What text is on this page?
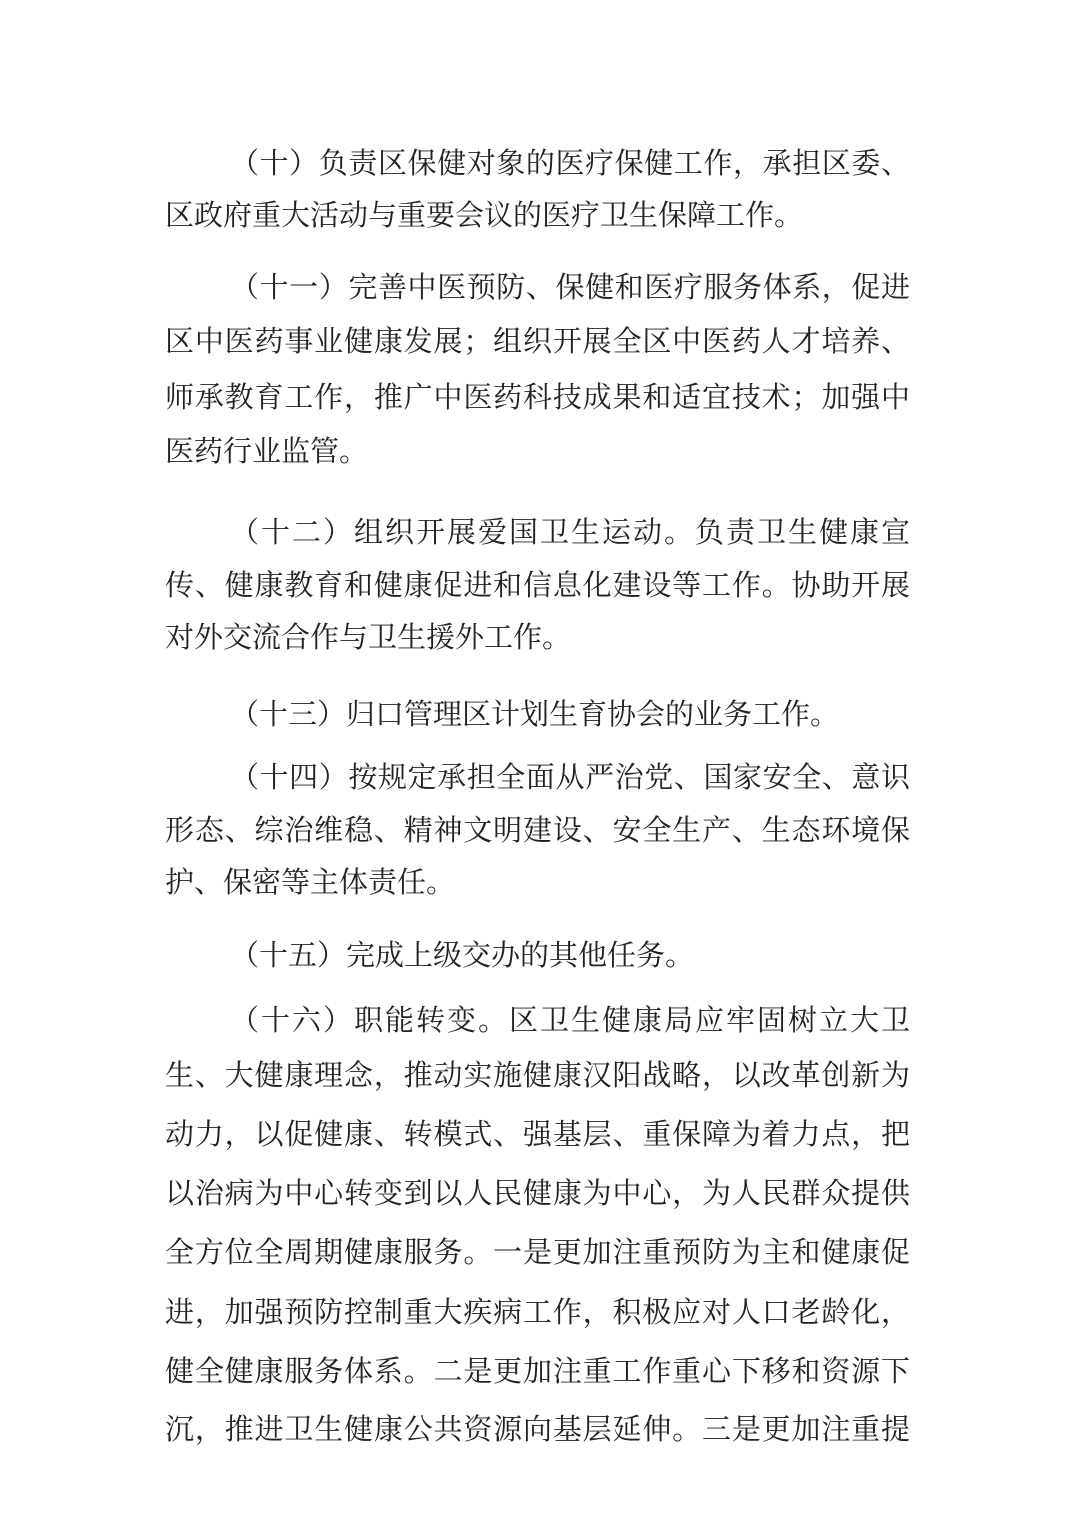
（十）负责区保健对象的医疗保健工作，承担区委、
区政府重大活动与重要会议的医疗卫生保障工作。
（十一）完善中医预防、保健和医疗服务体系，促进
区中医药事业健康发展；组织开展全区中医药人才培养、
师承教育工作，推广中医药科技成果和适宜技术；加强中
医药行业监管。
（十二）组织开展爱国卫生运动。负责卫生健康宣
传、健康教育和健康促进和信息化建设等工作。协助开展
对外交流合作与卫生援外工作。
（十三）归口管理区计划生育协会的业务工作。
（十四）按规定承担全面从严治党、国家安全、意识
形态、综治维稳、精神文明建设、安全生产、生态环境保
护、保密等主体责任。
（十五）完成上级交办的其他任务。
（十六）职能转变。区卫生健康局应牢固树立大卫
生、大健康理念，推动实施健康汉阳战略，以改革创新为
动力，以促健康、转模式、强基层、重保障为着力点，把
以治病为中心转变到以人民健康为中心，为人民群众提供
全方位全周期健康服务。一是更加注重预防为主和健康促
进，加强预防控制重大疾病工作，积极应对人口老龄化，
健全健康服务体系。二是更加注重工作重心下移和资源下
沉，推进卫生健康公共资源向基层延伸。三是更加注重提
